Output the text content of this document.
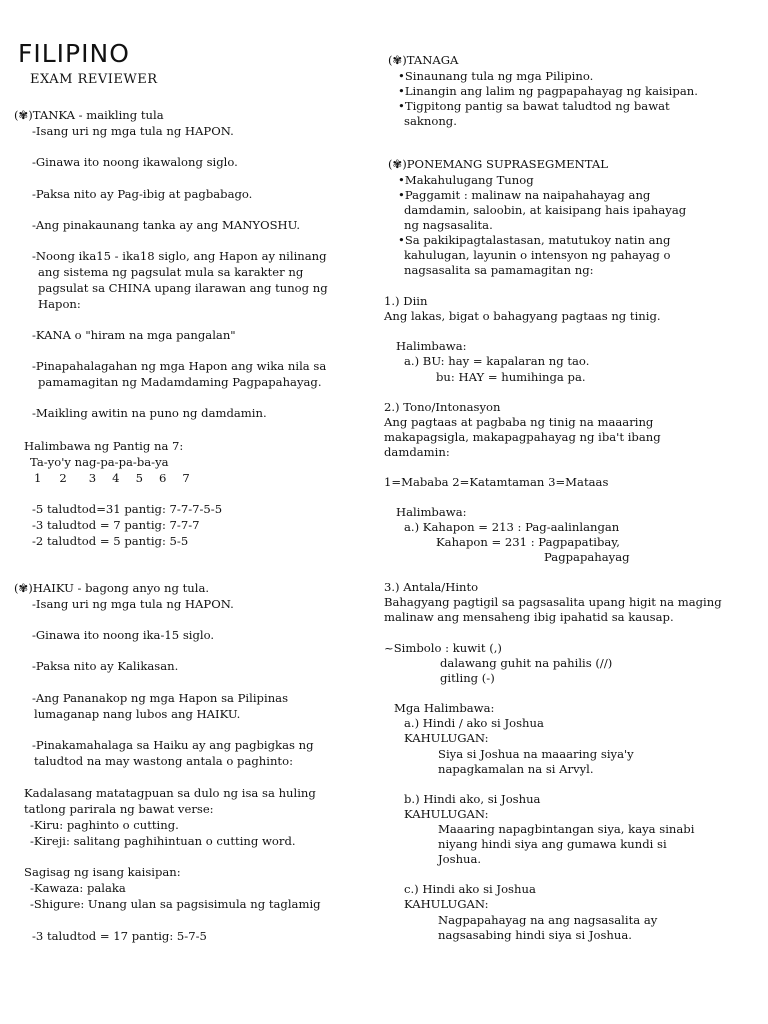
FILIPINO
EXAM REVIEWER
(✾)TANKA - maikling tula
-Isang uri ng mga tula ng HAPON.
-Ginawa ito noong ikawalong siglo.
-Paksa nito ay Pag-ibig at pagbabago.
-Ang pinakaunang tanka ay ang MANYOSHU.
-Noong ika15 - ika18 siglo, ang Hapon ay nilinang
ang sistema ng pagsulat mula sa karakter ng
pagsulat sa CHINA upang ilarawan ang tunog ng
Hapon:
-KANA o "hiram na mga pangalan"
-Pinapahalagahan ng mga Hapon ang wika nila sa
pamamagitan ng Madamdaming Pagpapahayag.
-Maikling awitin na puno ng damdamin.
Halimbawa ng Pantig na 7:
Ta-yo'y nag-pa-pa-ba-ya
-5 taludtod=31 pantig: 7-7-7-5-5
-3 taludtod = 7 pantig: 7-7-7
-2 taludtod = 5 pantig: 5-5
(✾)HAIKU - bagong anyo ng tula.
-Isang uri ng mga tula ng HAPON.
-Ginawa ito noong ika-15 siglo.
-Paksa nito ay Kalikasan.
-Ang Pananakop ng mga Hapon sa Pilipinas
lumaganap nang lubos ang HAIKU.
-Pinakamahalaga sa Haiku ay ang pagbigkas ng
taludtod na may wastong antala o paghinto:
Kadalasang matatagpuan sa dulo ng isa sa huling
tatlong parirala ng bawat verse:
-Kiru: paghinto o cutting.
-Kireji: salitang paghihintuan o cutting word.
Sagisag ng isang kaisipan:
-Kawaza: palaka
-Shigure: Unang ulan sa pagsisimula ng taglamig
-3 taludtod = 17 pantig: 5-7-5
1 2 3 4 5 6 7
(✾)TANAGA
•Sinaunang tula ng mga Pilipino.
•Linangin ang lalim ng pagpapahayag ng kaisipan.
•Tigpitong pantig sa bawat taludtod ng bawat
saknong.
(✾)PONEMANG SUPRASEGMENTAL
•Makahulugang Tunog
•Paggamit : malinaw na naipahahayag ang
damdamin, saloobin, at kaisipang hais ipahayag
ng nagsasalita.
•Sa pakikipagtalastasan, matutukoy natin ang
kahulugan, layunin o intensyon ng pahayag o
nagsasalita sa pamamagitan ng:
1.) Diin
Ang lakas, bigat o bahagyang pagtaas ng tinig.
Halimbawa:
a.) BU: hay = kapalaran ng tao.
bu: HAY = humihinga pa.
2.) Tono/Intonasyon
Ang pagtaas at pagbaba ng tinig na maaaring
makapagsigla, makapagpahayag ng iba't ibang
damdamin:
1=Mababa 2=Katamtaman 3=Mataas
Halimbawa:
a.) Kahapon = 213 : Pag-aalinlangan
Kahapon = 231 : Pagpapatibay,
Pagpapahayag
3.) Antala/Hinto
Bahagyang pagtigil sa pagsasalita upang higit na maging
malinaw ang mensaheng ibig ipahatid sa kausap.
~Simbolo : kuwit (,)
dalawang guhit na pahilis (//)
gitling (-)
Mga Halimbawa:
a.) Hindi / ako si Joshua
KAHULUGAN:
Siya si Joshua na maaaring siya'y
napagkamalan na si Arvyl.
b.) Hindi ako, si Joshua
KAHULUGAN:
Maaaring napagbintangan siya, kaya sinabi
niyang hindi siya ang gumawa kundi si
Joshua.
c.) Hindi ako si Joshua
KAHULUGAN:
Nagpapahayag na ang nagsasalita ay
nagsasabing hindi siya si Joshua.
